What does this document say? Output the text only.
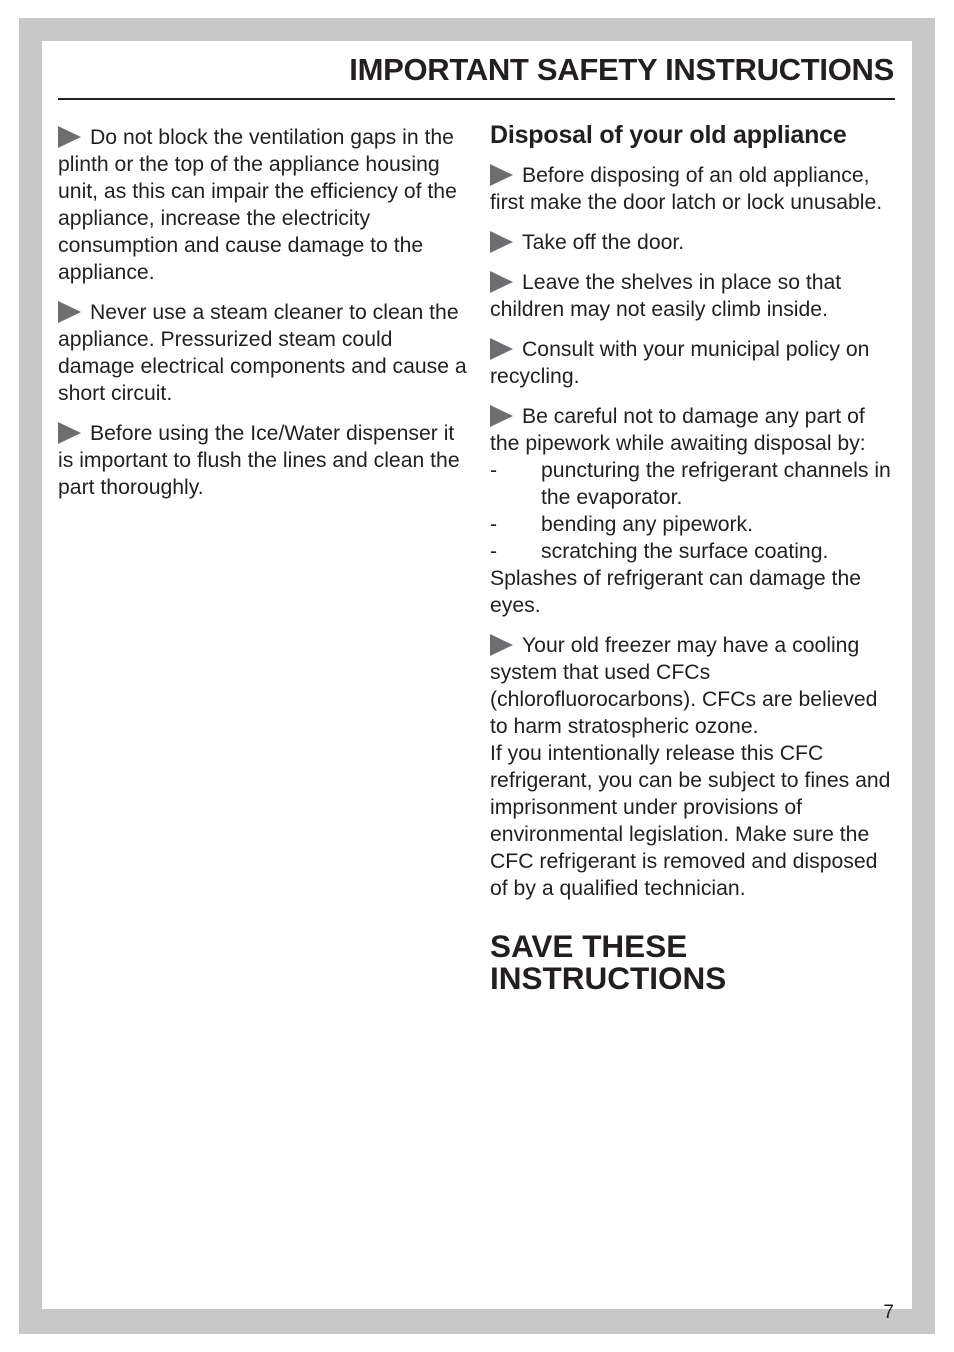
IMPORTANT SAFETY INSTRUCTIONS

Do not block the ventilation gaps in the plinth or the top of the appliance housing unit, as this can impair the efficiency of the appliance, increase the electricity consumption and cause damage to the appliance.

Never use a steam cleaner to clean the appliance. Pressurized steam could damage electrical components and cause a short circuit.

Before using the Ice/Water dispenser it is important to flush the lines and clean the part thoroughly.

Disposal of your old appliance

Before disposing of an old appliance, first make the door latch or lock unusable.

Take off the door.

Leave the shelves in place so that children may not easily climb inside.

Consult with your municipal policy on recycling.

Be careful not to damage any part of the pipework while awaiting disposal by:

-	puncturing the refrigerant channels in the evaporator.
-	bending any pipework.
-	scratching the surface coating.

Splashes of refrigerant can damage the eyes.

Your old freezer may have a cooling system that used CFCs (chlorofluorocarbons). CFCs are believed to harm stratospheric ozone.

If you intentionally release this CFC refrigerant, you can be subject to fines and imprisonment under provisions of environmental legislation. Make sure the CFC refrigerant is removed and disposed of by a qualified technician.

SAVE THESE
INSTRUCTIONS
7
